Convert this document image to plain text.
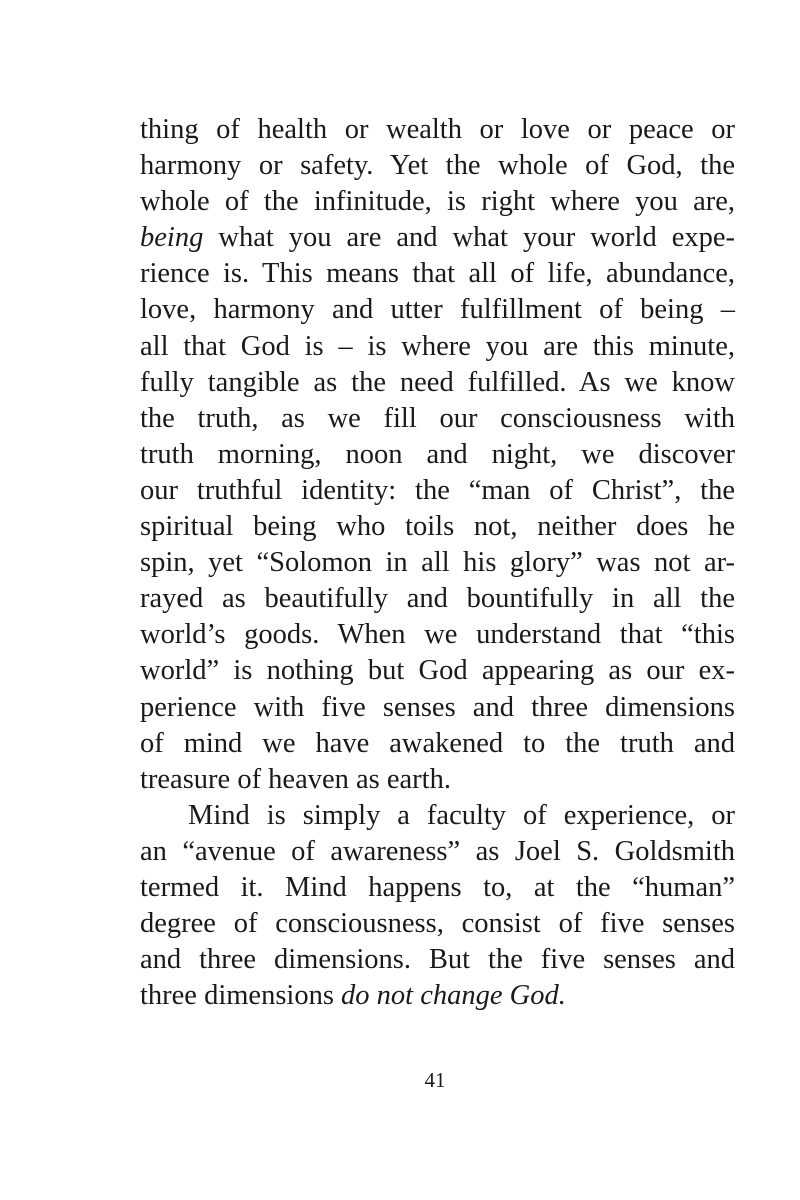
thing of health or wealth or love or peace or
harmony or safety. Yet the whole of God, the
whole of the infinitude, is right where you are,
being what you are and what your world expe-
rience is. This means that all of life, abundance,
love, harmony and utter fulfillment of being –
all that God is – is where you are this minute,
fully tangible as the need fulfilled. As we know
the truth, as we fill our consciousness with
truth morning, noon and night, we discover
our truthful identity: the “man of Christ”, the
spiritual being who toils not, neither does he
spin, yet “Solomon in all his glory” was not ar-
rayed as beautifully and bountifully in all the
world’s goods. When we understand that “this
world” is nothing but God appearing as our ex-
perience with five senses and three dimensions
of mind we have awakened to the truth and
treasure of heaven as earth.
Mind is simply a faculty of experience, or
an “avenue of awareness” as Joel S. Goldsmith
termed it. Mind happens to, at the “human”
degree of consciousness, consist of five senses
and three dimensions. But the five senses and
three dimensions do not change God.
41
